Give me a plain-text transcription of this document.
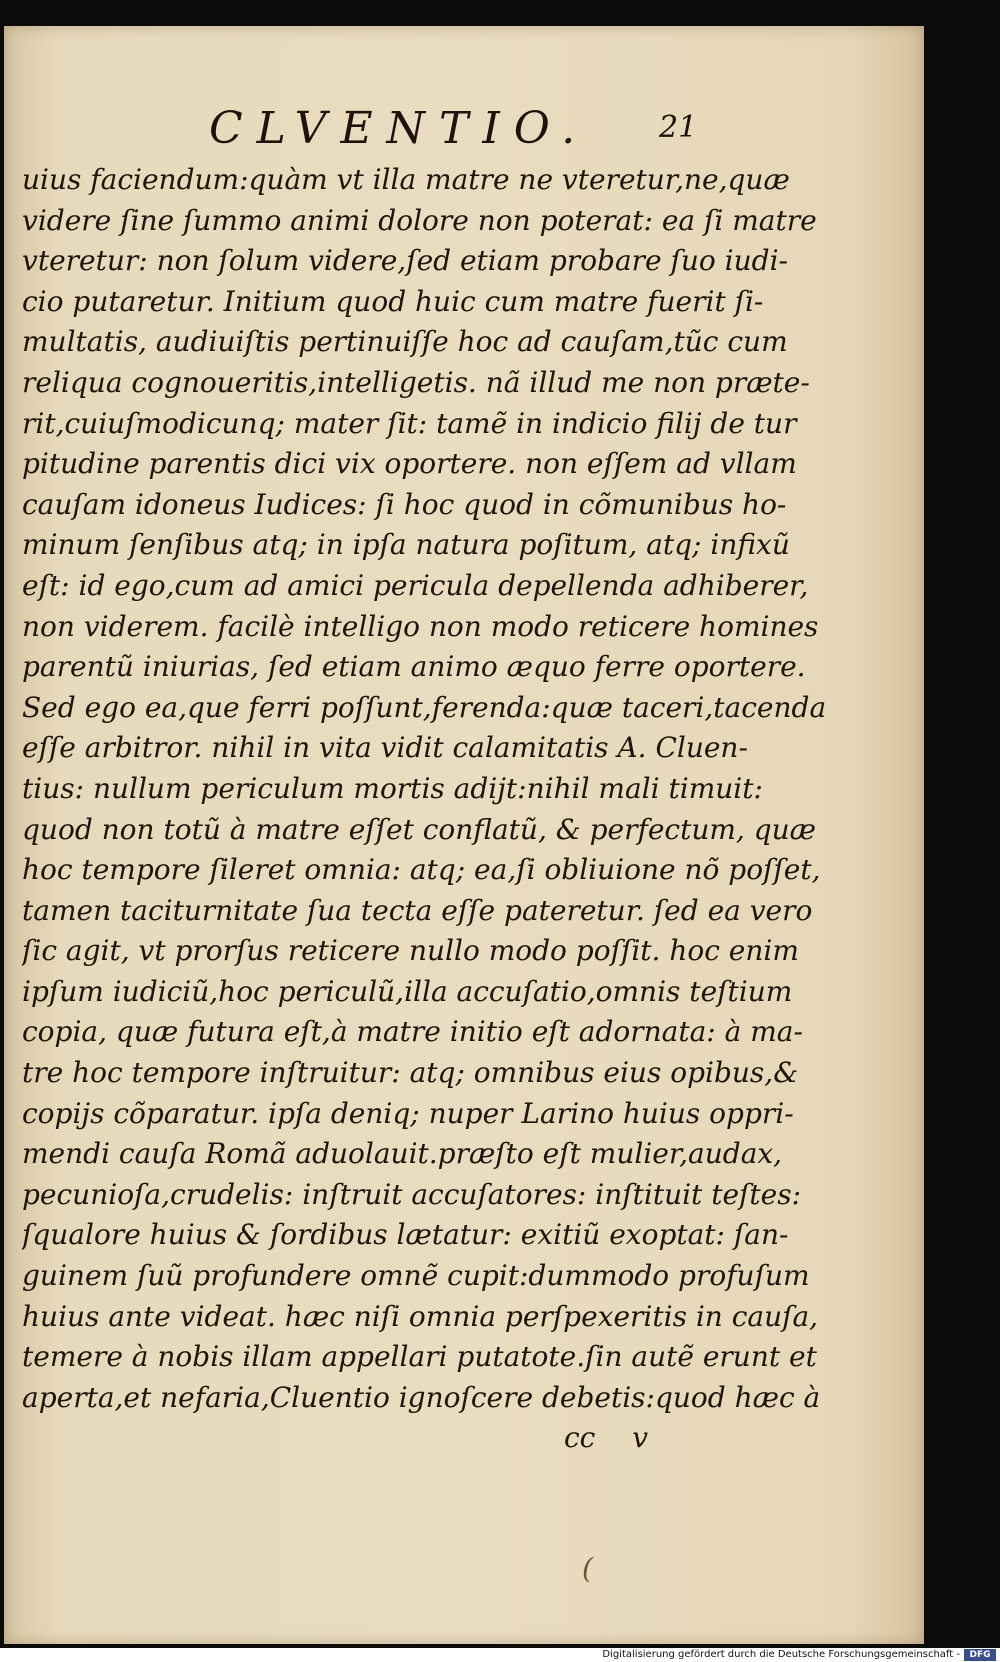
CLVENTIO. 21
uius faciendum:quàm vt illa matre ne vteretur,ne,quæ
videre ſine ſummo animi dolore non poterat: ea ſi matre
vteretur: non ſolum videre,ſed etiam probare ſuo iudi-
cio putaretur. Initium quod huic cum matre fuerit ſi-
multatis, audiuiſtis pertinuiſſe hoc ad cauſam,tũc cum
reliqua cognoueritis,intelligetis. nã illud me non præte-
rit,cuiuſmodicunq; mater ſit: tamẽ in indicio filij de tur
pitudine parentis dici vix oportere. non eſſem ad vllam
cauſam idoneus Iudices: ſi hoc quod in cõmunibus ho-
minum ſenſibus atq; in ipſa natura poſitum, atq; infixũ
eſt: id ego,cum ad amici pericula depellenda adhiberer,
non viderem. facilè intelligo non modo reticere homines
parentũ iniurias, ſed etiam animo æquo ferre oportere.
Sed ego ea,que ferri poſſunt,ferenda:quæ taceri,tacenda
eſſe arbitror. nihil in vita vidit calamitatis A. Cluen-
tius: nullum periculum mortis adijt:nihil mali timuit:
quod non totũ à matre eſſet conflatũ, & perfectum, quæ
hoc tempore ſileret omnia: atq; ea,ſi obliuione nõ poſſet,
tamen taciturnitate ſua tecta eſſe pateretur. ſed ea vero
ſic agit, vt prorſus reticere nullo modo poſſit. hoc enim
ipſum iudiciũ,hoc periculũ,illa accuſatio,omnis teſtium
copia, quæ futura eſt,à matre initio eſt adornata: à ma-
tre hoc tempore inſtruitur: atq; omnibus eius opibus,&
copijs cõparatur. ipſa deniq; nuper Larino huius oppri-
mendi cauſa Romã aduolauit.præſto eſt mulier,audax,
pecunioſa,crudelis: inſtruit accuſatores: inſtituit teſtes:
ſqualore huius & ſordibus lætatur: exitiũ exoptat: ſan-
guinem ſuũ profundere omnẽ cupit:dummodo profuſum
huius ante videat. hæc niſi omnia perſpexeritis in cauſa,
temere à nobis illam appellari putatote.ſin autẽ erunt et
aperta,et nefaria,Cluentio ignoſcere debetis:quod hæc à
cc v
(
Digitalisierung gefördert durch die Deutsche Forschungsgemeinschaft -	DFG
